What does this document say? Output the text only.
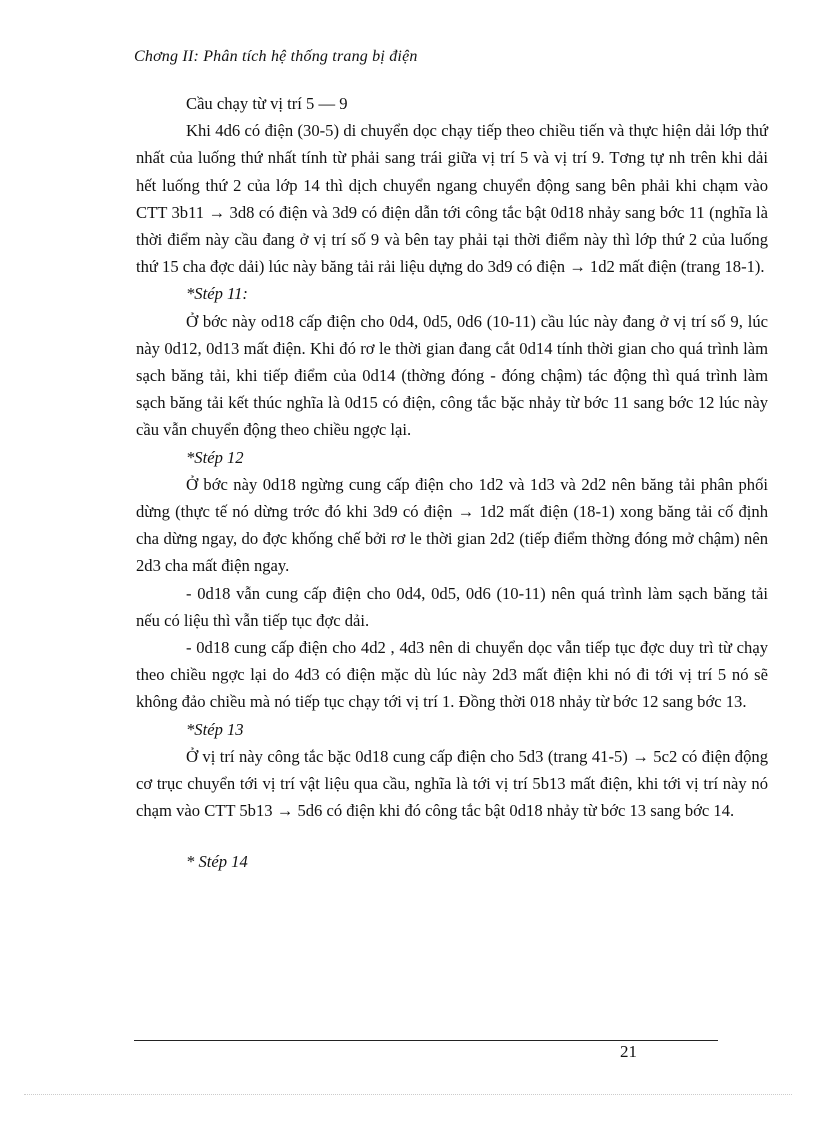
Chơng II: Phân tích hệ thống trang bị điện

Cầu chạy từ vị trí 5 — 9

Khi 4d6 có điện (30-5) di chuyển dọc chạy tiếp theo chiều tiến và thực hiện dải lớp thứ nhất của luống thứ nhất tính từ phải sang trái giữa vị trí 5 và vị trí 9. Tơng tự nh trên khi dải hết luống thứ 2 của lớp 14 thì dịch chuyển ngang chuyển động sang bên phải khi chạm vào CTT 3b11 → 3d8 có điện và 3d9 có điện dẫn tới công tắc bật 0d18 nhảy sang bớc 11 (nghĩa là thời điểm này cầu đang ở vị trí số 9 và bên tay phải tại thời điểm này thì lớp thứ 2 của luống thứ 15 cha đợc dải) lúc này băng tải rải liệu dựng do 3d9 có điện → 1d2 mất điện (trang 18-1).

*Stép 11:

Ở bớc này od18 cấp điện cho 0d4, 0d5, 0d6 (10-11) cầu lúc này đang ở vị trí số 9, lúc này 0d12, 0d13 mất điện. Khi đó rơ le thời gian đang cắt 0d14 tính thời gian cho quá trình làm sạch băng tải, khi tiếp điểm của 0d14 (thờng đóng - đóng chậm) tác động thì quá trình làm sạch băng tải kết thúc nghĩa là 0d15 có điện, công tắc bặc nhảy từ bớc 11 sang bớc 12 lúc này cầu vẫn chuyển động theo chiều ngợc lại.

*Stép 12

Ở bớc này 0d18 ngừng cung cấp điện cho 1d2 và 1d3 và 2d2 nên băng tải phân phối dừng (thực tế nó dừng trớc đó khi 3d9 có điện → 1d2 mất điện (18-1) xong băng tải cố định cha dừng ngay, do đợc khống chế bởi rơ le thời gian 2d2 (tiếp điểm thờng đóng mở chậm) nên 2d3 cha mất điện ngay.

- 0d18 vẫn cung cấp điện cho 0d4, 0d5, 0d6 (10-11) nên quá trình làm sạch băng tải nếu có liệu thì vẫn tiếp tục đợc dải.

- 0d18 cung cấp điện cho 4d2 , 4d3 nên di chuyển dọc vẫn tiếp tục đợc duy trì từ chạy theo chiều ngợc lại do 4d3 có điện mặc dù lúc này 2d3 mất điện khi nó đi tới vị trí 5 nó sẽ không đảo chiều mà nó tiếp tục chạy tới vị trí 1. Đồng thời 018 nhảy từ bớc 12 sang bớc 13.

*Stép 13

Ở vị trí này công tắc bặc 0d18 cung cấp điện cho 5d3 (trang 41-5) → 5c2 có điện động cơ trục chuyển tới vị trí vật liệu qua cầu, nghĩa là tới vị trí 5b13 mất điện, khi tới vị trí này nó chạm vào CTT 5b13 → 5d6 có điện khi đó công tắc bật 0d18 nhảy từ bớc 13 sang bớc 14.

* Stép 14

21
